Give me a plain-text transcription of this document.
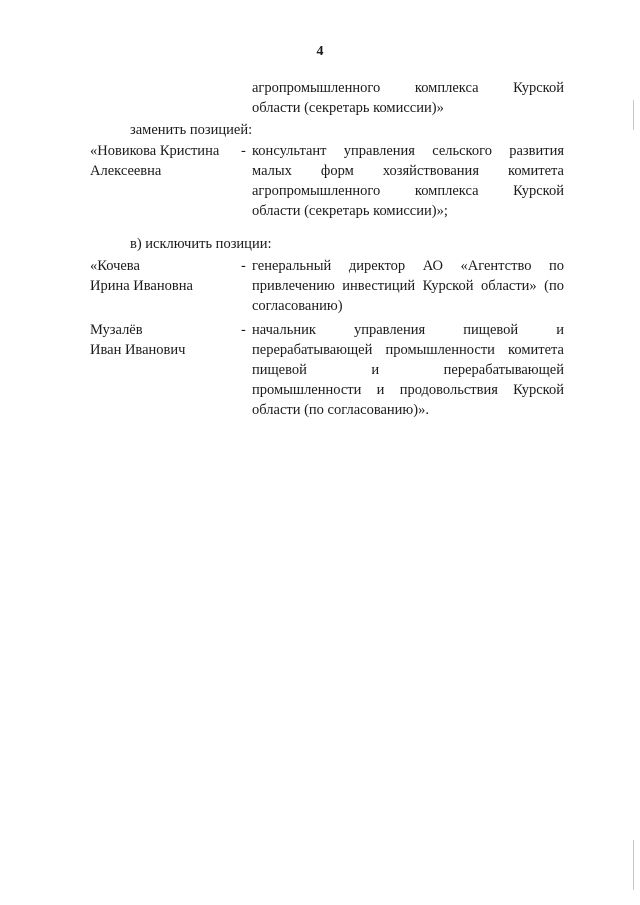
4
агропромышленного комплекса Курской
области (секретарь комиссии)»
заменить позицией:
«Новикова Кристина
Алексеевна
- консультант управления сельского развития
малых форм хозяйствования комитета
агропромышленного комплекса Курской
области (секретарь комиссии)»;
в) исключить позиции:
«Кочева
Ирина Ивановна
- генеральный директор АО «Агентство по
привлечению инвестиций Курской области» (по
согласованию)
Музалёв
Иван Иванович
- начальник управления пищевой и
перерабатывающей промышленности комитета
пищевой и перерабатывающей
промышленности и продовольствия Курской
области (по согласованию)».
